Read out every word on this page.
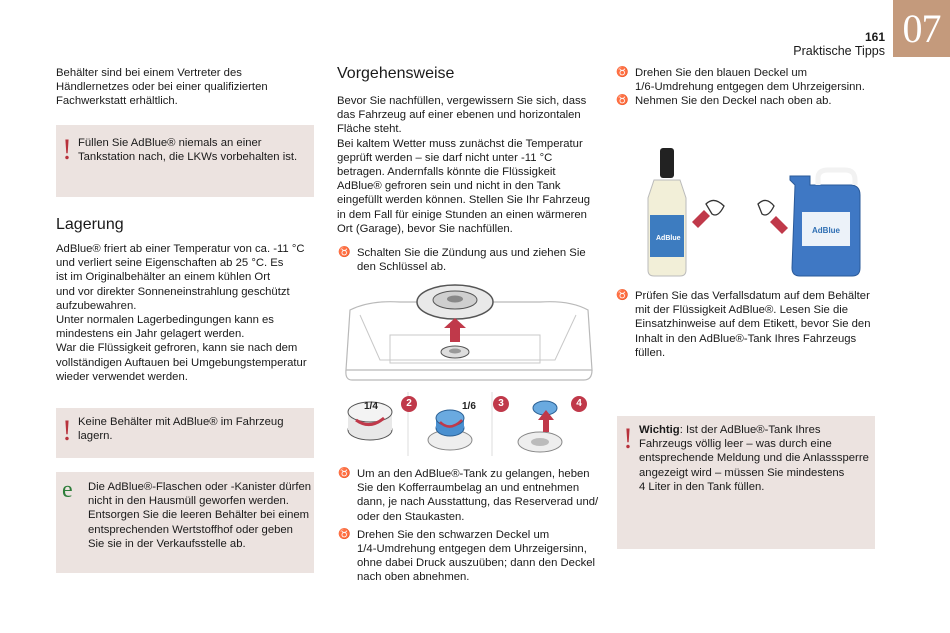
07
161
Praktische Tipps
Behälter sind bei einem Vertreter des
Händlernetzes oder bei einer qualifizierten
Fachwerkstatt erhältlich.
! Füllen Sie AdBlue® niemals an einer
Tankstation nach, die LKWs vorbehalten ist.
Lagerung
AdBlue® friert ab einer Temperatur von ca. -11 °C
und verliert seine Eigenschaften ab 25 °C. Es
ist im Originalbehälter an einem kühlen Ort
und vor direkter Sonneneinstrahlung geschützt
aufzubewahren.
Unter normalen Lagerbedingungen kann es
mindestens ein Jahr gelagert werden.
War die Flüssigkeit gefroren, kann sie nach dem
vollständigen Auftauen bei Umgebungstemperatur
wieder verwendet werden.
! Keine Behälter mit AdBlue® im Fahrzeug
lagern.
e Die AdBlue®-Flaschen oder -Kanister dürfen
nicht in den Hausmüll geworfen werden.
Entsorgen Sie die leeren Behälter bei einem
entsprechenden Wertstoffhof oder geben
Sie sie in der Verkaufsstelle ab.
Vorgehensweise
Bevor Sie nachfüllen, vergewissern Sie sich, dass
das Fahrzeug auf einer ebenen und horizontalen
Fläche steht.
Bei kaltem Wetter muss zunächst die Temperatur
geprüft werden – sie darf nicht unter -11 °C
betragen. Andernfalls könnte die Flüssigkeit
AdBlue® gefroren sein und nicht in den Tank
eingefüllt werden können. Stellen Sie Ihr Fahrzeug
in dem Fall für einige Stunden an einen wärmeren
Ort (Garage), bevor Sie nachfüllen.
♉ Schalten Sie die Zündung aus und ziehen Sie
den Schlüssel ab.
1/4	1/6
2	3	4
♉ Um an den AdBlue®-Tank zu gelangen, heben
Sie den Kofferraumbelag an und entnehmen
dann, je nach Ausstattung, das Reserverad und/
oder den Staukasten.
♉ Drehen Sie den schwarzen Deckel um
1/4-Umdrehung entgegen dem Uhrzeigersinn,
ohne dabei Druck auszuüben; dann den Deckel
nach oben abnehmen.
♉ Drehen Sie den blauen Deckel um
1/6-Umdrehung entgegen dem Uhrzeigersinn.
♉ Nehmen Sie den Deckel nach oben ab.
AdBlue
AdBlue
♉ Prüfen Sie das Verfallsdatum auf dem Behälter
mit der Flüssigkeit AdBlue®. Lesen Sie die
Einsatzhinweise auf dem Etikett, bevor Sie den
Inhalt in den AdBlue®-Tank Ihres Fahrzeugs
füllen.
! Wichtig: Ist der AdBlue®-Tank Ihres
Fahrzeugs völlig leer – was durch eine
entsprechende Meldung und die Anlasssperre
angezeigt wird – müssen Sie mindestens
4 Liter in den Tank füllen.
